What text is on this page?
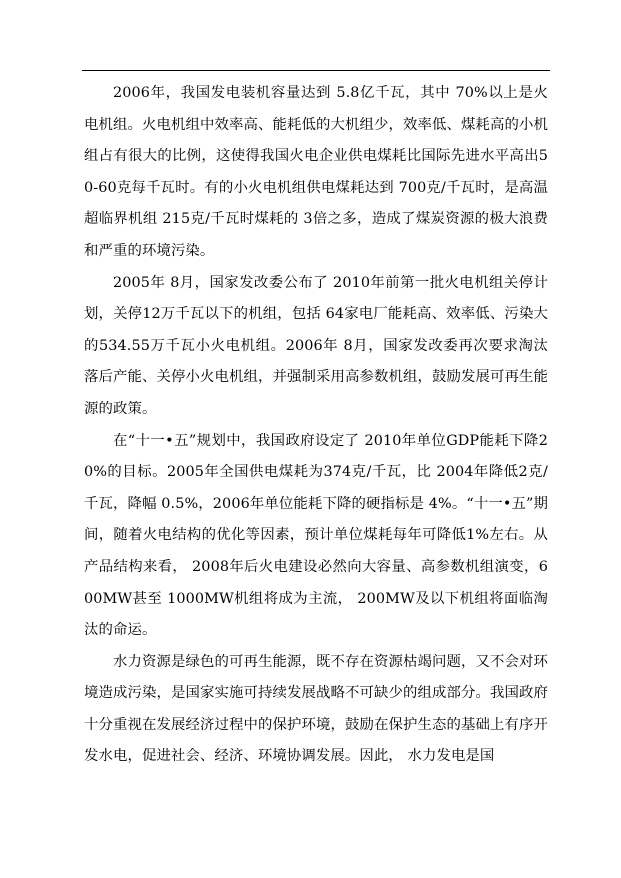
2006年，我国发电装机容量达到 5.8亿千瓦，其中 70%以上是火电机组。火电机组中效率高、能耗低的大机组少，效率低、煤耗高的小机组占有很大的比例，这使得我国火电企业供电煤耗比国际先进水平高出50-60克每千瓦时。有的小火电机组供电煤耗达到 700克/千瓦时，是高温超临界机组 215克/千瓦时煤耗的 3倍之多，造成了煤炭资源的极大浪费和严重的环境污染。

2005年 8月，国家发改委公布了 2010年前第一批火电机组关停计划，关停12万千瓦以下的机组，包括 64家电厂能耗高、效率低、污染大的534.55万千瓦小火电机组。2006年 8月，国家发改委再次要求淘汰落后产能、关停小火电机组，并强制采用高参数机组，鼓励发展可再生能源的政策。

在“十一•五”规划中，我国政府设定了 2010年单位GDP能耗下降20%的目标。2005年全国供电煤耗为374克/千瓦，比 2004年降低2克/千瓦，降幅 0.5%，2006年单位能耗下降的硬指标是 4%。“十一•五”期间，随着火电结构的优化等因素，预计单位煤耗每年可降低1%左右。从产品结构来看， 2008年后火电建设必然向大容量、高参数机组演变，600MW甚至 1000MW机组将成为主流， 200MW及以下机组将面临淘汰的命运。

水力资源是绿色的可再生能源，既不存在资源枯竭问题，又不会对环境造成污染，是国家实施可持续发展战略不可缺少的组成部分。我国政府十分重视在发展经济过程中的保护环境，鼓励在保护生态的基础上有序开发水电，促进社会、经济、环境协调发展。因此， 水力发电是国
